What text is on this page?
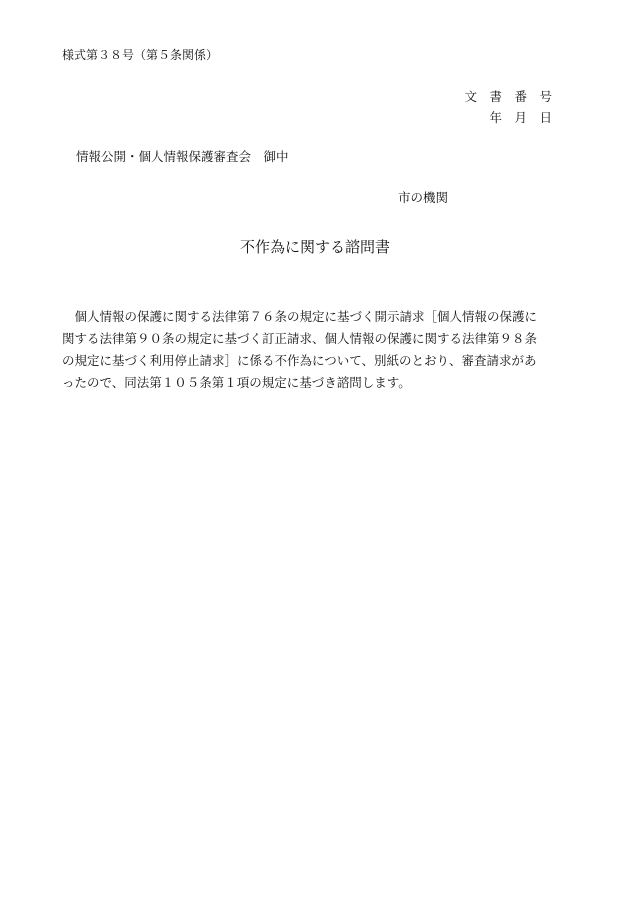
様式第３８号（第５条関係）
文　書　番　号
年　月　日
情報公開・個人情報保護審査会　御中
市の機関
不作為に関する諮問書
　個人情報の保護に関する法律第７６条の規定に基づく開示請求［個人情報の保護に
関する法律第９０条の規定に基づく訂正請求、個人情報の保護に関する法律第９８条
の規定に基づく利用停止請求］に係る不作為について、別紙のとおり、審査請求があ
ったので、同法第１０５条第１項の規定に基づき諮問します。
